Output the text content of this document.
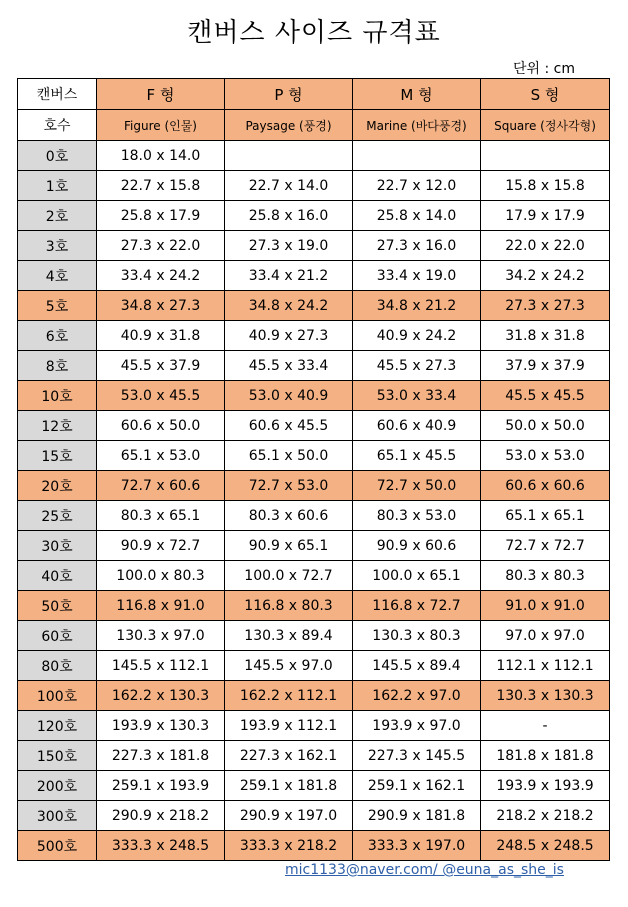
캔버스 사이즈 규격표
단위 : cm
캔버스	F 형	P 형	M 형	S 형
호수	Figure (인물)	Paysage (풍경)	Marine (바다풍경)	Square (정사각형)
0호	18.0 x 14.0			
1호	22.7 x 15.8	22.7 x 14.0	22.7 x 12.0	15.8 x 15.8
2호	25.8 x 17.9	25.8 x 16.0	25.8 x 14.0	17.9 x 17.9
3호	27.3 x 22.0	27.3 x 19.0	27.3 x 16.0	22.0 x 22.0
4호	33.4 x 24.2	33.4 x 21.2	33.4 x 19.0	34.2 x 24.2
5호	34.8 x 27.3	34.8 x 24.2	34.8 x 21.2	27.3 x 27.3
6호	40.9 x 31.8	40.9 x 27.3	40.9 x 24.2	31.8 x 31.8
8호	45.5 x 37.9	45.5 x 33.4	45.5 x 27.3	37.9 x 37.9
10호	53.0 x 45.5	53.0 x 40.9	53.0 x 33.4	45.5 x 45.5
12호	60.6 x 50.0	60.6 x 45.5	60.6 x 40.9	50.0 x 50.0
15호	65.1 x 53.0	65.1 x 50.0	65.1 x 45.5	53.0 x 53.0
20호	72.7 x 60.6	72.7 x 53.0	72.7 x 50.0	60.6 x 60.6
25호	80.3 x 65.1	80.3 x 60.6	80.3 x 53.0	65.1 x 65.1
30호	90.9 x 72.7	90.9 x 65.1	90.9 x 60.6	72.7 x 72.7
40호	100.0 x 80.3	100.0 x 72.7	100.0 x 65.1	80.3 x 80.3
50호	116.8 x 91.0	116.8 x 80.3	116.8 x 72.7	91.0 x 91.0
60호	130.3 x 97.0	130.3 x 89.4	130.3 x 80.3	97.0 x 97.0
80호	145.5 x 112.1	145.5 x 97.0	145.5 x 89.4	112.1 x 112.1
100호	162.2 x 130.3	162.2 x 112.1	162.2 x 97.0	130.3 x 130.3
120호	193.9 x 130.3	193.9 x 112.1	193.9 x 97.0	-
150호	227.3 x 181.8	227.3 x 162.1	227.3 x 145.5	181.8 x 181.8
200호	259.1 x 193.9	259.1 x 181.8	259.1 x 162.1	193.9 x 193.9
300호	290.9 x 218.2	290.9 x 197.0	290.9 x 181.8	218.2 x 218.2
500호	333.3 x 248.5	333.3 x 218.2	333.3 x 197.0	248.5 x 248.5
mic1133@naver.com/ @euna_as_she_is
